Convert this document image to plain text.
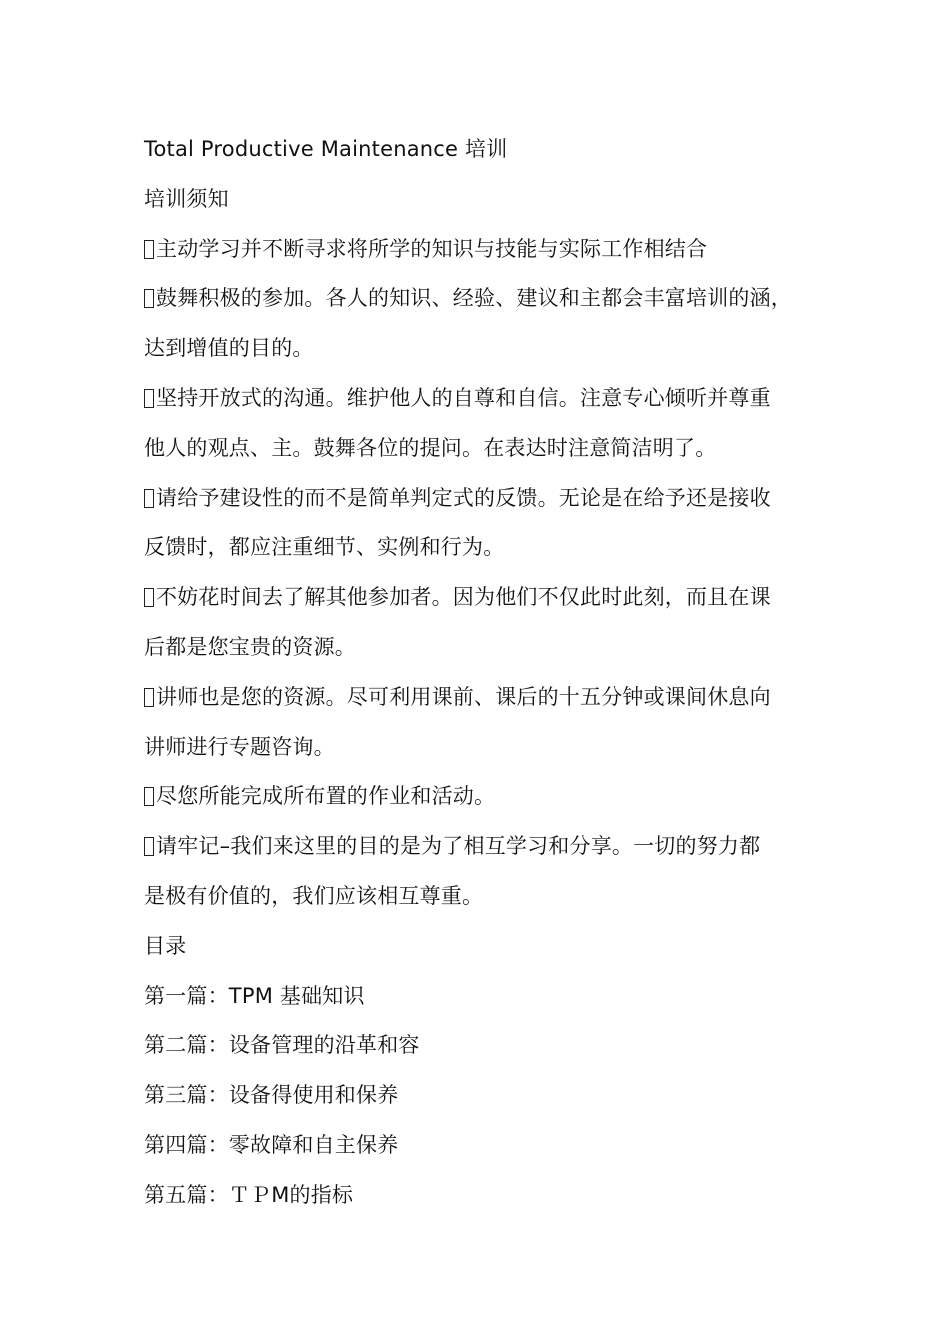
Total Productive Maintenance 培训
培训须知
主动学习并不断寻求将所学的知识与技能与实际工作相结合
鼓舞积极的参加。各人的知识、经验、建议和主都会丰富培训的涵，
达到增值的目的。
坚持开放式的沟通。维护他人的自尊和自信。注意专心倾听并尊重
他人的观点、主。鼓舞各位的提问。在表达时注意简洁明了。
请给予建设性的而不是简单判定式的反馈。无论是在给予还是接收
反馈时，都应注重细节、实例和行为。
不妨花时间去了解其他参加者。因为他们不仅此时此刻，而且在课
后都是您宝贵的资源。
讲师也是您的资源。尽可利用课前、课后的十五分钟或课间休息向
讲师进行专题咨询。
尽您所能完成所布置的作业和活动。
请牢记–我们来这里的目的是为了相互学习和分享。一切的努力都
是极有价值的，我们应该相互尊重。
目录
第一篇：TPM 基础知识
第二篇：设备管理的沿革和容
第三篇：设备得使用和保养
第四篇：零故障和自主保养
第五篇：ＴＰM的指标
